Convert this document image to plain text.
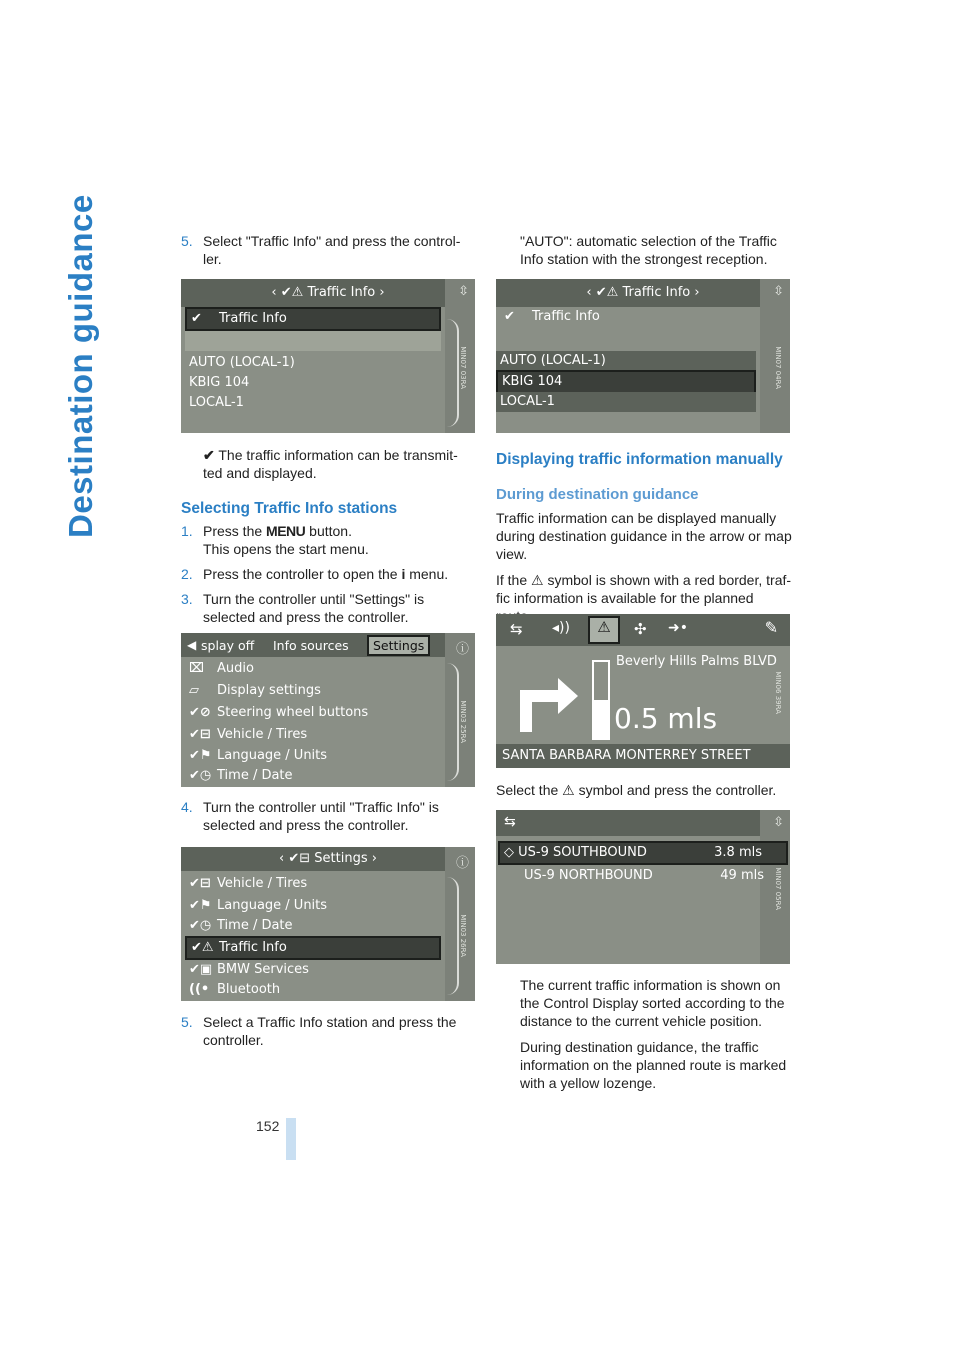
Destination guidance	5. Select "Traffic Info" and press the control-ler.
‹ ✔⚠ Traffic Info ›	⇳
✔ Traffic Info
AUTO (LOCAL-1)
KBIG 104
LOCAL-1
MIN07 03RA
✔ The traffic information can be transmit-ted and displayed.
Selecting Traffic Info stations
1. Press the MENU button.
This opens the start menu.
2. Press the controller to open the i menu.
3. Turn the controller until "Settings" is selected and press the controller.
◀ splay off Info sources	Settings	ⓘ
⌧ Audio
▱ Display settings
✔⊘ Steering wheel buttons
✔⊟ Vehicle / Tires
✔⚑ Language / Units
✔◷ Time / Date
MIN03 25RA
4. Turn the controller until "Traffic Info" is selected and press the controller.
‹ ✔⊟ Settings ›	ⓘ
✔⊟ Vehicle / Tires
✔⚑ Language / Units
✔◷ Time / Date
✔⚠ Traffic Info
✔▣ BMW Services
((• Bluetooth
MIN03 26RA
5. Select a Traffic Info station and press the controller.
"AUTO": automatic selection of the Traffic Info station with the strongest reception.
‹ ✔⚠ Traffic Info ›	⇳
✔ Traffic Info
AUTO (LOCAL-1)
KBIG 104
LOCAL-1
MIN07 04RA
Displaying traffic information manually
During destination guidance

Traffic information can be displayed manually during destination guidance in the arrow or map view.

If the ⚠ symbol is shown with a red border, traf-fic information is available for the planned

⇆ ◂))	⚠	✣ ➜•	✎
Beverly Hills Palms BLVD
0.5 mls
SANTA BARBARA MONTERREY STREET
MIN06 39RA
Select the ⚠ symbol and press the controller.
⇆	⇳
◇ US-9 SOUTHBOUND	3.8 mls
US-9 NORTHBOUND	49 mls MIN07 05RA

The current traffic information is shown on the Control Display sorted according to the distance to the current vehicle position.

During destination guidance, the traffic information on the planned route is marked with a yellow lozenge.

152
